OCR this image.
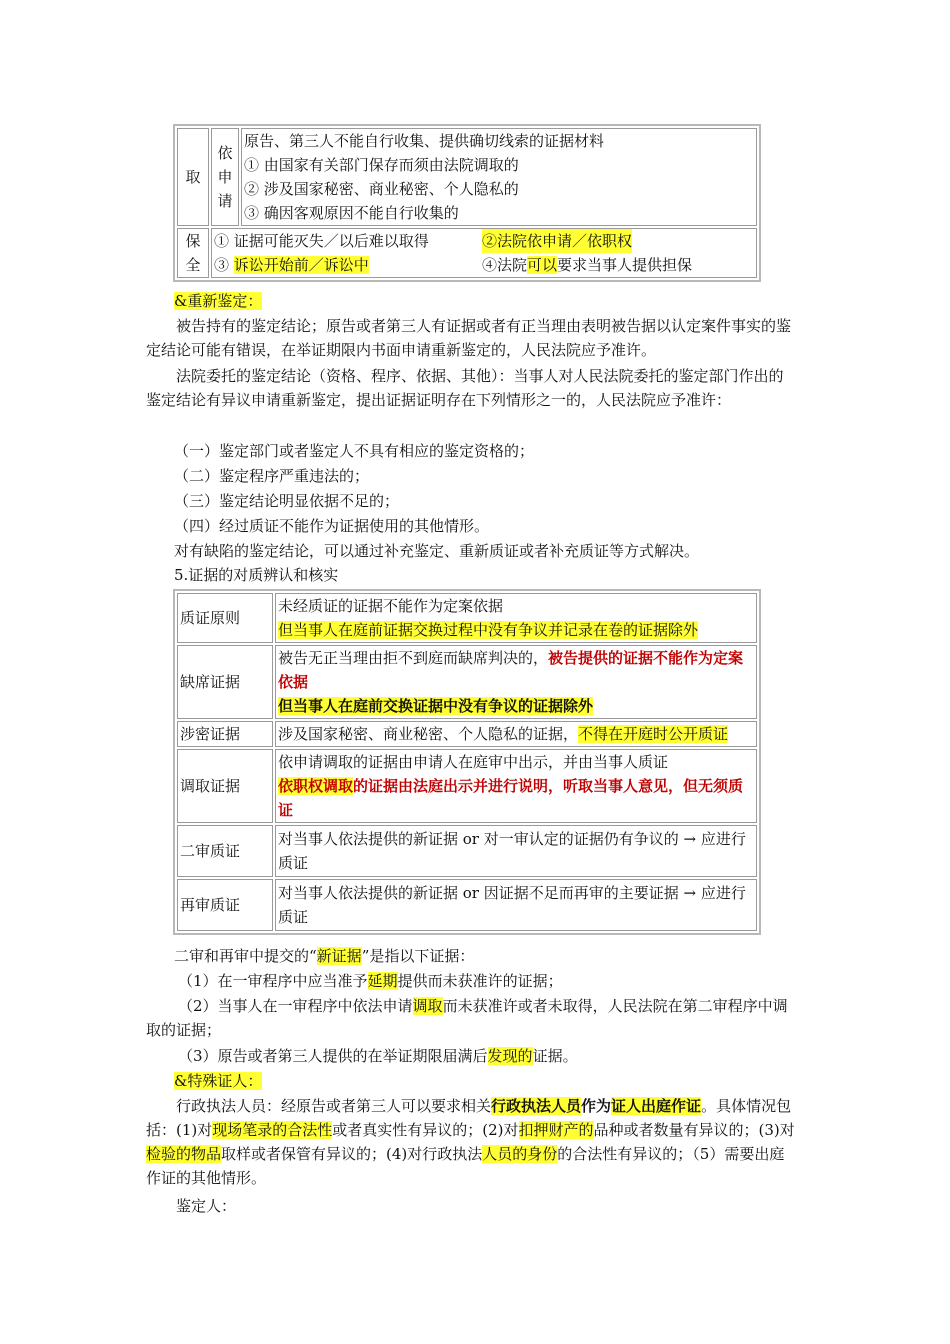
取	依申请	原告、第三人不能自行收集、提供确切线索的证据材料
① 由国家有关部门保存而须由法院调取的
② 涉及国家秘密、商业秘密、个人隐私的
③ 确因客观原因不能自行收集的

保全	① 证据可能灭失／以后难以取得 ②法院依申请／依职权
③ 诉讼开始前／诉讼中 ④法院可以要求当事人提供担保	
&重新鉴定：
被告持有的鉴定结论；原告或者第三人有证据或者有正当理由表明被告据以认定案件事实的鉴定结论可能有错误，在举证期限内书面申请重新鉴定的，人民法院应予准许。
法院委托的鉴定结论（资格、程序、依据、其他）：当事人对人民法院委托的鉴定部门作出的鉴定结论有异议申请重新鉴定，提出证据证明存在下列情形之一的，人民法院应予准许：
（一）鉴定部门或者鉴定人不具有相应的鉴定资格的；
（二）鉴定程序严重违法的；
（三）鉴定结论明显依据不足的；
（四）经过质证不能作为证据使用的其他情形。
对有缺陷的鉴定结论，可以通过补充鉴定、重新质证或者补充质证等方式解决。
5.证据的对质辨认和核实
质证原则	未经质证的证据不能作为定案依据
但当事人在庭前证据交换过程中没有争议并记录在卷的证据除外

缺席证据	被告无正当理由拒不到庭而缺席判决的，被告提供的证据不能作为定案依据
但当事人在庭前交换证据中没有争议的证据除外

涉密证据	涉及国家秘密、商业秘密、个人隐私的证据，不得在开庭时公开质证
调取证据	依申请调取的证据由申请人在庭审中出示，并由当事人质证
依职权调取的证据由法庭出示并进行说明，听取当事人意见，但无须质证

二审质证	对当事人依法提供的新证据 or 对一审认定的证据仍有争议的 → 应进行质证
再审质证	对当事人依法提供的新证据 or 因证据不足而再审的主要证据 → 应进行质证
二审和再审中提交的“新证据”是指以下证据：
（1）在一审程序中应当准予延期提供而未获准许的证据；
（2）当事人在一审程序中依法申请调取而未获准许或者未取得，人民法院在第二审程序中调取的证据；
（3）原告或者第三人提供的在举证期限届满后发现的证据。
&特殊证人：
行政执法人员：经原告或者第三人可以要求相关行政执法人员作为证人出庭作证。具体情况包括：(1)对现场笔录的合法性或者真实性有异议的；(2)对扣押财产的品种或者数量有异议的；(3)对检验的物品取样或者保管有异议的；(4)对行政执法人员的身份的合法性有异议的；（5）需要出庭作证的其他情形。
鉴定人：
